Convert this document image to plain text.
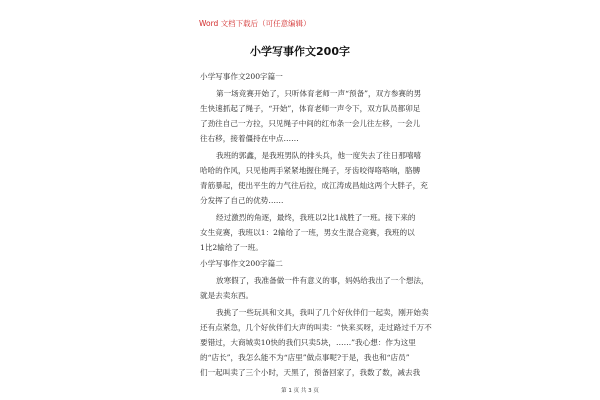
Word 文档下载后（可任意编辑）
小学写事作文200字
小学写事作文200字篇一
第一场竞赛开始了，只听体育老师一声“预备”，双方参赛的男
生快速抓起了绳子，“开始”，体育老师一声令下，双方队员都卯足
了劲往自己一方拉，只见绳子中间的红布条一会儿往左移，一会儿
往右移，接着僵持在中点……
我班的郭鑫，是我班男队的排头兵，他一度失去了往日那嘻嘻
哈哈的作风，只见他两手紧紧地握住绳子，牙齿咬得咯咯响，胳膊
青筋暴起，使出平生的力气往后拉，成江涛成昌灿这两个大胖子，充
分发挥了自己的优势……
经过激烈的角逐，最终，我班以2比1战胜了一班。接下来的
女生竞赛，我班以1：2输给了一班，男女生混合竞赛，我班的以
1比2输给了一班。
小学写事作文200字篇二
放寒假了，我准备做一件有意义的事，妈妈给我出了一个想法，
就是去卖东西。
我挑了一些玩具和文具，我叫了几个好伙伴们一起卖，刚开始卖
还有点紧急，几个好伙伴们大声的叫卖：“快来买呀，走过路过千万不
要错过，大商城卖10快的我们只卖5块，……”我心想：作为这里
的“店长”，我怎么能不为“店里”做点事呢?于是，我也和“店员”
们一起叫卖了三个小时，天黑了，预备回家了，我数了数，减去我
第 1 页 共 3 页
